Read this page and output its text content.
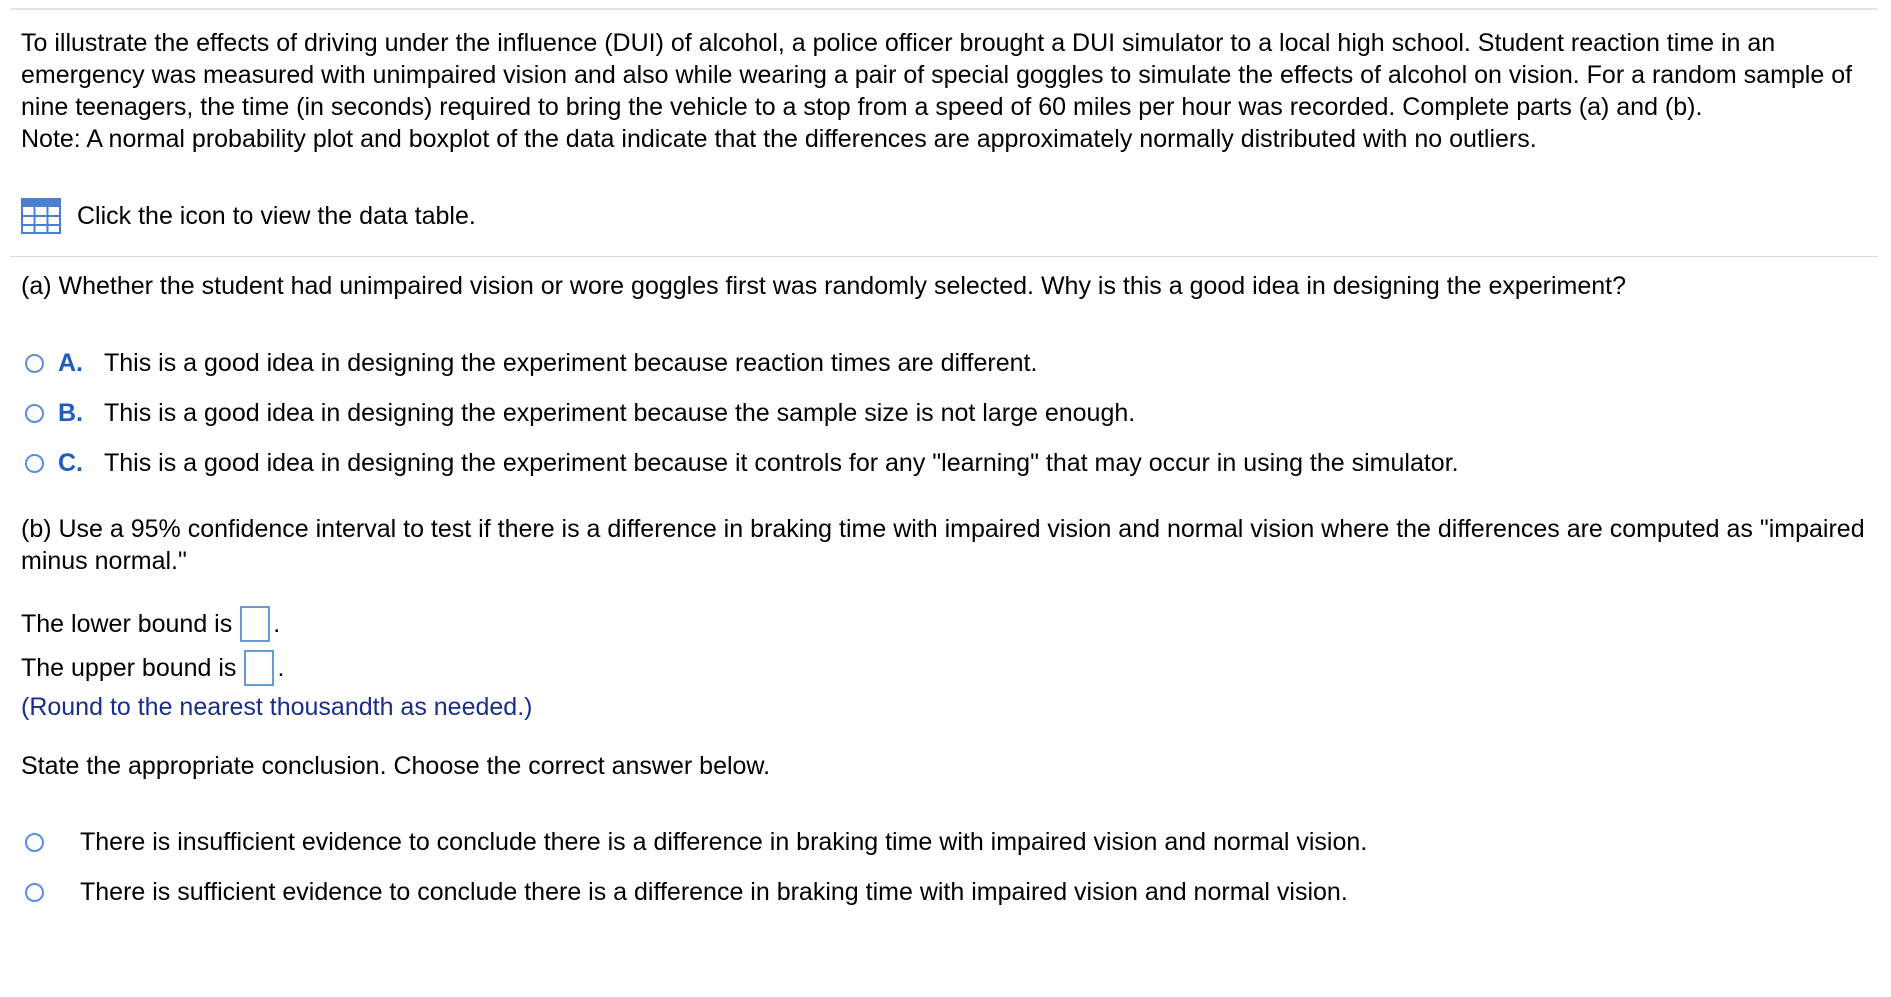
To illustrate the effects of driving under the influence (DUI) of alcohol, a police officer brought a DUI simulator to a local high school. Student reaction time in an emergency was measured with unimpaired vision and also while wearing a pair of special goggles to simulate the effects of alcohol on vision. For a random sample of nine teenagers, the time (in seconds) required to bring the vehicle to a stop from a speed of 60 miles per hour was recorded. Complete parts (a) and (b).

Note: A normal probability plot and boxplot of the data indicate that the differences are approximately normally distributed with no outliers.

Click the icon to view the data table.
(a) Whether the student had unimpaired vision or wore goggles first was randomly selected. Why is this a good idea in designing the experiment?
A. This is a good idea in designing the experiment because reaction times are different.
B. This is a good idea in designing the experiment because the sample size is not large enough.
C. This is a good idea in designing the experiment because it controls for any "learning" that may occur in using the simulator.
(b) Use a 95% confidence interval to test if there is a difference in braking time with impaired vision and normal vision where the differences are computed as "impaired minus normal."
The lower bound is .
The upper bound is .
(Round to the nearest thousandth as needed.)
State the appropriate conclusion. Choose the correct answer below.
There is insufficient evidence to conclude there is a difference in braking time with impaired vision and normal vision.
There is sufficient evidence to conclude there is a difference in braking time with impaired vision and normal vision.
